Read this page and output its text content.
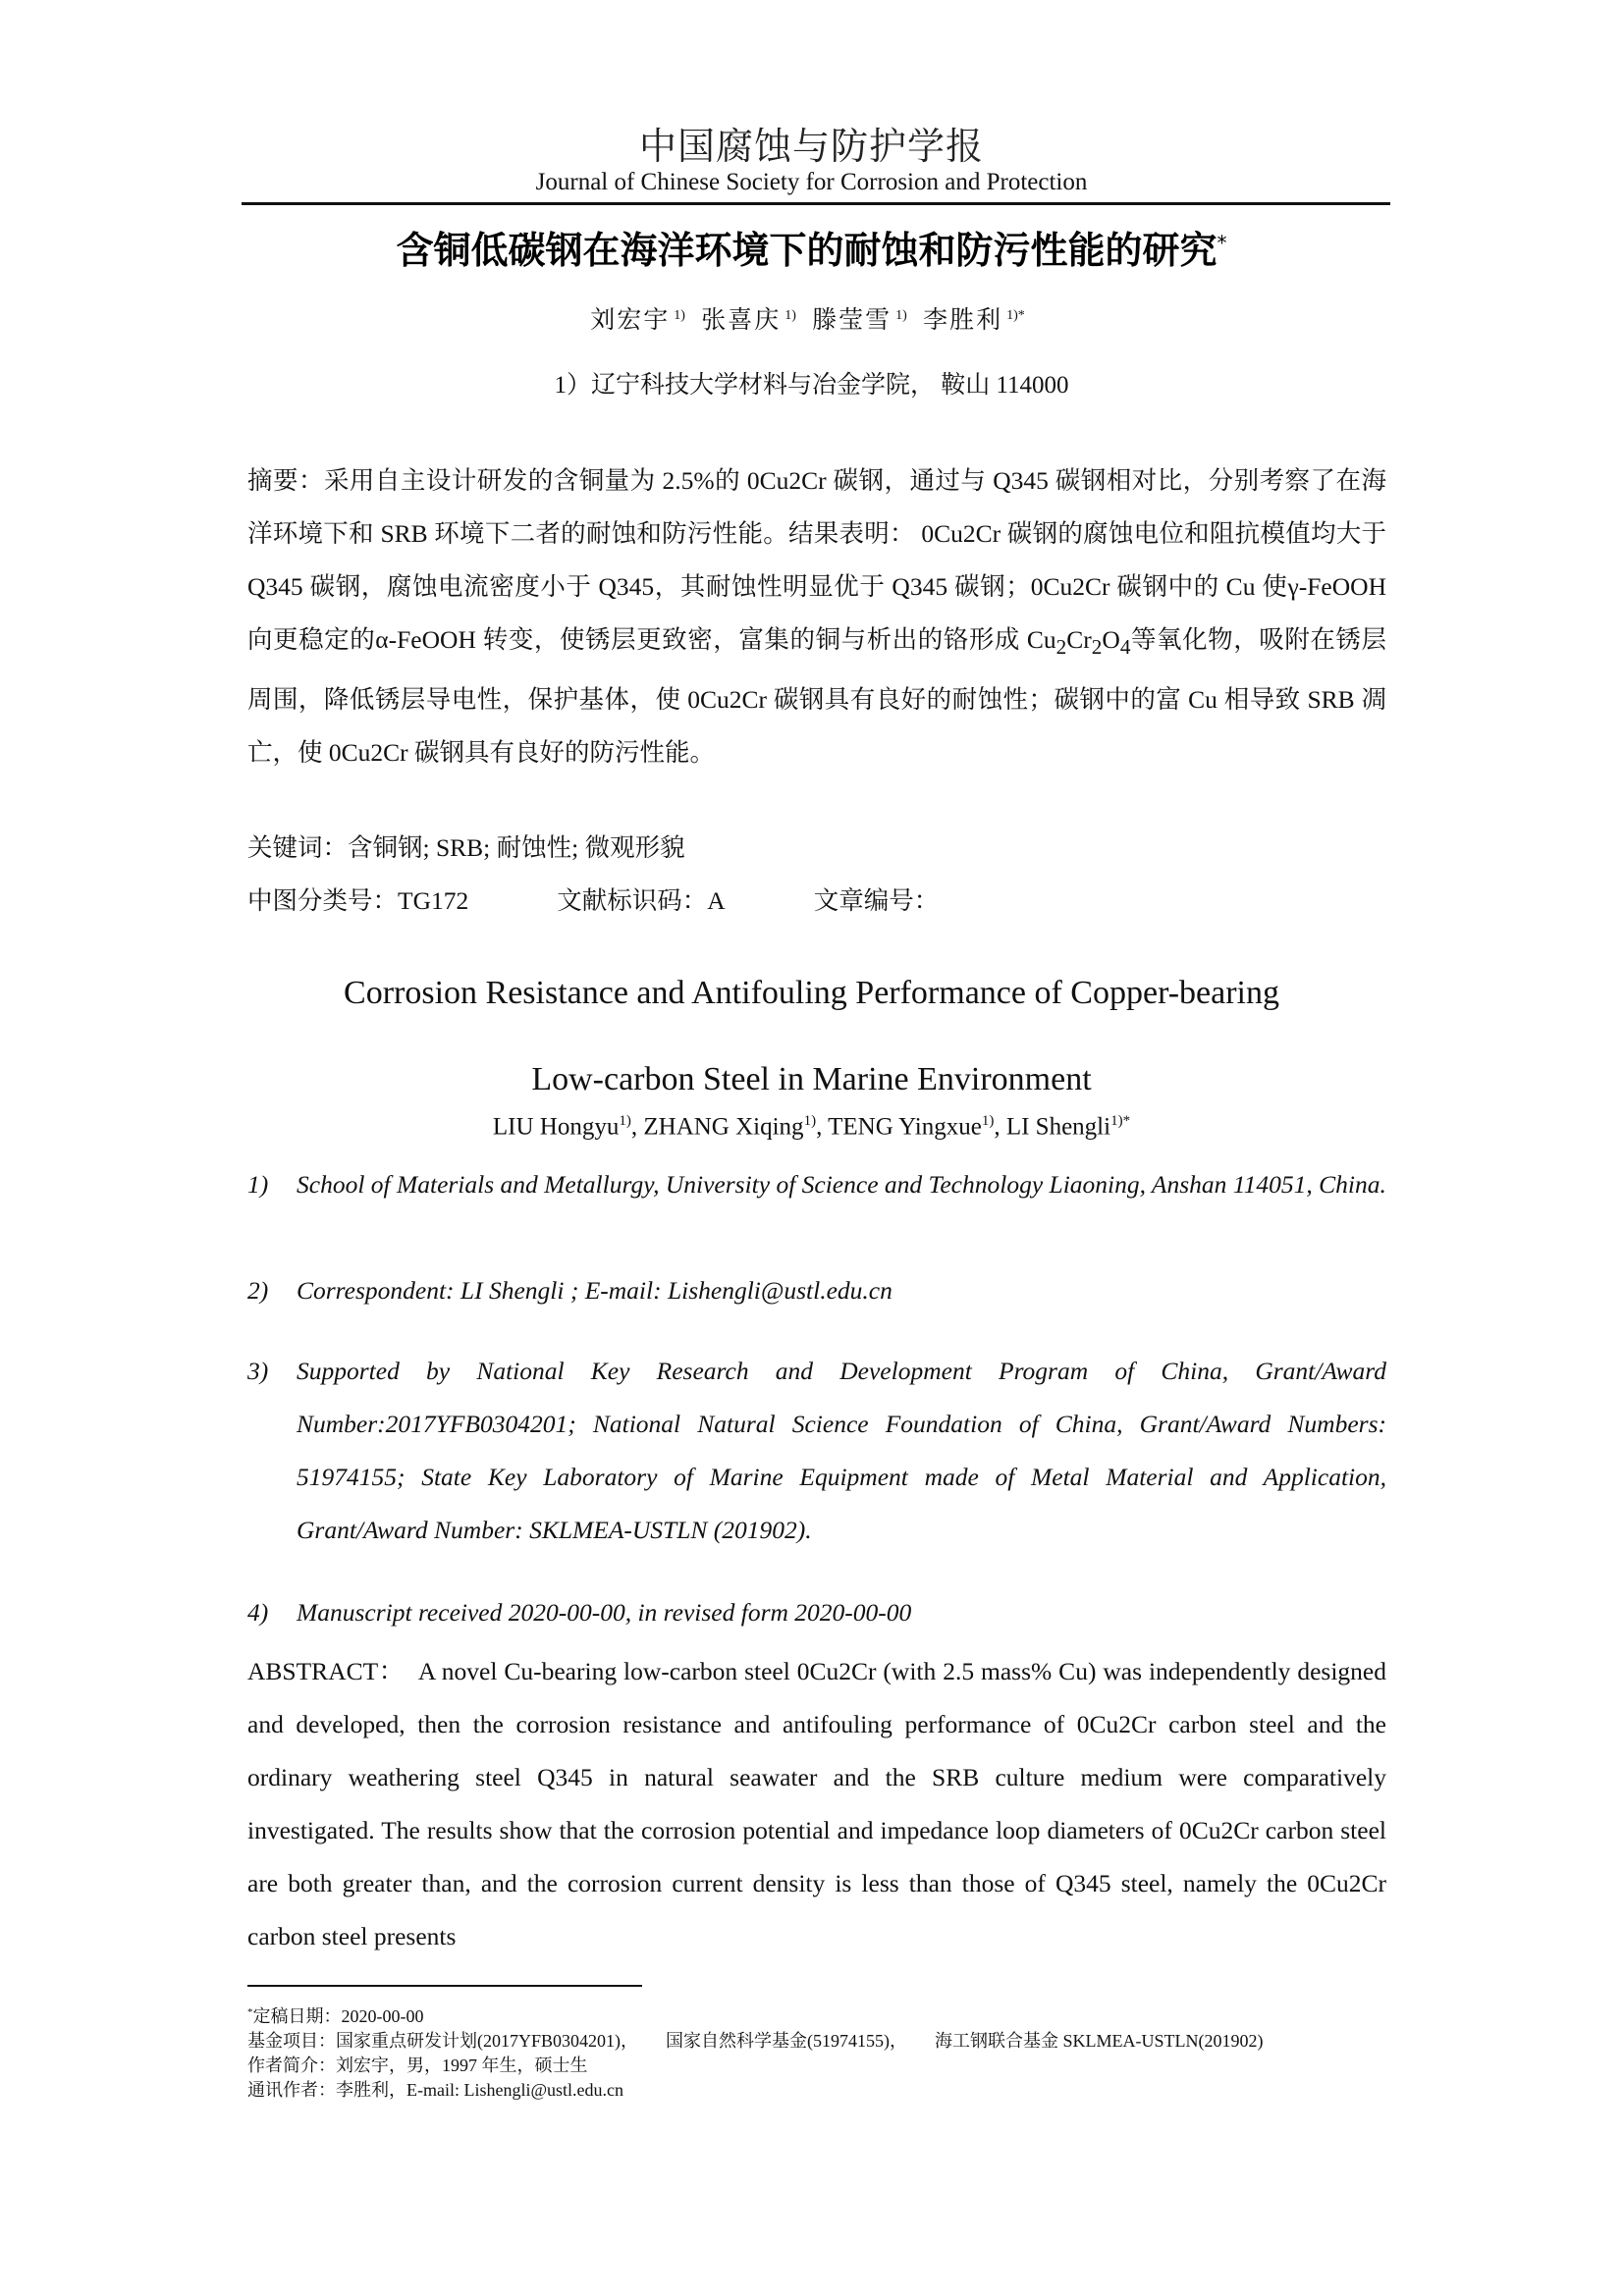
中国腐蚀与防护学报
Journal of Chinese Society for Corrosion and Protection
含铜低碳钢在海洋环境下的耐蚀和防污性能的研究*
刘宏宇 $^{1)}$ 张喜庆 $^{1)}$ 滕莹雪 $^{1)}$ 李胜利 $^{1)*}$
1）辽宁科技大学材料与冶金学院， 鞍山 114000
摘要：采用自主设计研发的含铜量为 2.5%的 0Cu2Cr 碳钢，通过与 Q345 碳钢相对比，分别考察了在海洋环境下和 SRB 环境下二者的耐蚀和防污性能。结果表明： 0Cu2Cr 碳钢的腐蚀电位和阻抗模值均大于 Q345 碳钢，腐蚀电流密度小于 Q345，其耐蚀性明显优于 Q345 碳钢；0Cu2Cr 碳钢中的 Cu 使γ-FeOOH 向更稳定的α-FeOOH 转变，使锈层更致密，富集的铜与析出的铬形成 $Cu_2Cr_2O_4$等氧化物，吸附在锈层周围，降低锈层导电性，保护基体，使 0Cu2Cr 碳钢具有良好的耐蚀性；碳钢中的富 Cu 相导致 SRB 凋亡，使 0Cu2Cr 碳钢具有良好的防污性能。
关键词：含铜钢; SRB; 耐蚀性; 微观形貌
中图分类号：TG172	文献标识码：A	文章编号：
Corrosion Resistance and Antifouling Performance of Copper-bearing Low-carbon Steel in Marine Environment
LIU Hongyu$^{1)}$, ZHANG Xiqing$^{1)}$, TENG Yingxue$^{1)}$, LI Shengli$^{1)*}$
1) School of Materials and Metallurgy, University of Science and Technology Liaoning, Anshan 114051, China.
2) Correspondent: LI Shengli ; E-mail: Lishengli@ustl.edu.cn
3) Supported by National Key Research and Development Program of China, Grant/Award Number:2017YFB0304201; National Natural Science Foundation of China, Grant/Award Numbers: 51974155; State Key Laboratory of Marine Equipment made of Metal Material and Application, Grant/Award Number: SKLMEA-USTLN (201902).
4) Manuscript received 2020-00-00, in revised form 2020-00-00
ABSTRACT： A novel Cu-bearing low-carbon steel 0Cu2Cr (with 2.5 mass% Cu) was independently designed and developed, then the corrosion resistance and antifouling performance of 0Cu2Cr carbon steel and the ordinary weathering steel Q345 in natural seawater and the SRB culture medium were comparatively investigated. The results show that the corrosion potential and impedance loop diameters of 0Cu2Cr carbon steel are both greater than, and the corrosion current density is less than those of Q345 steel, namely the 0Cu2Cr carbon steel presents
*定稿日期：2020-00-00
基金项目： 国家重点研发计划(2017YFB0304201)， 国家自然科学基金(51974155)， 海工钢联合基金 SKLMEA-USTLN(201902)
作者简介：刘宏宇，男，1997 年生，硕士生
通讯作者：李胜利，E-mail: Lishengli@ustl.edu.cn
